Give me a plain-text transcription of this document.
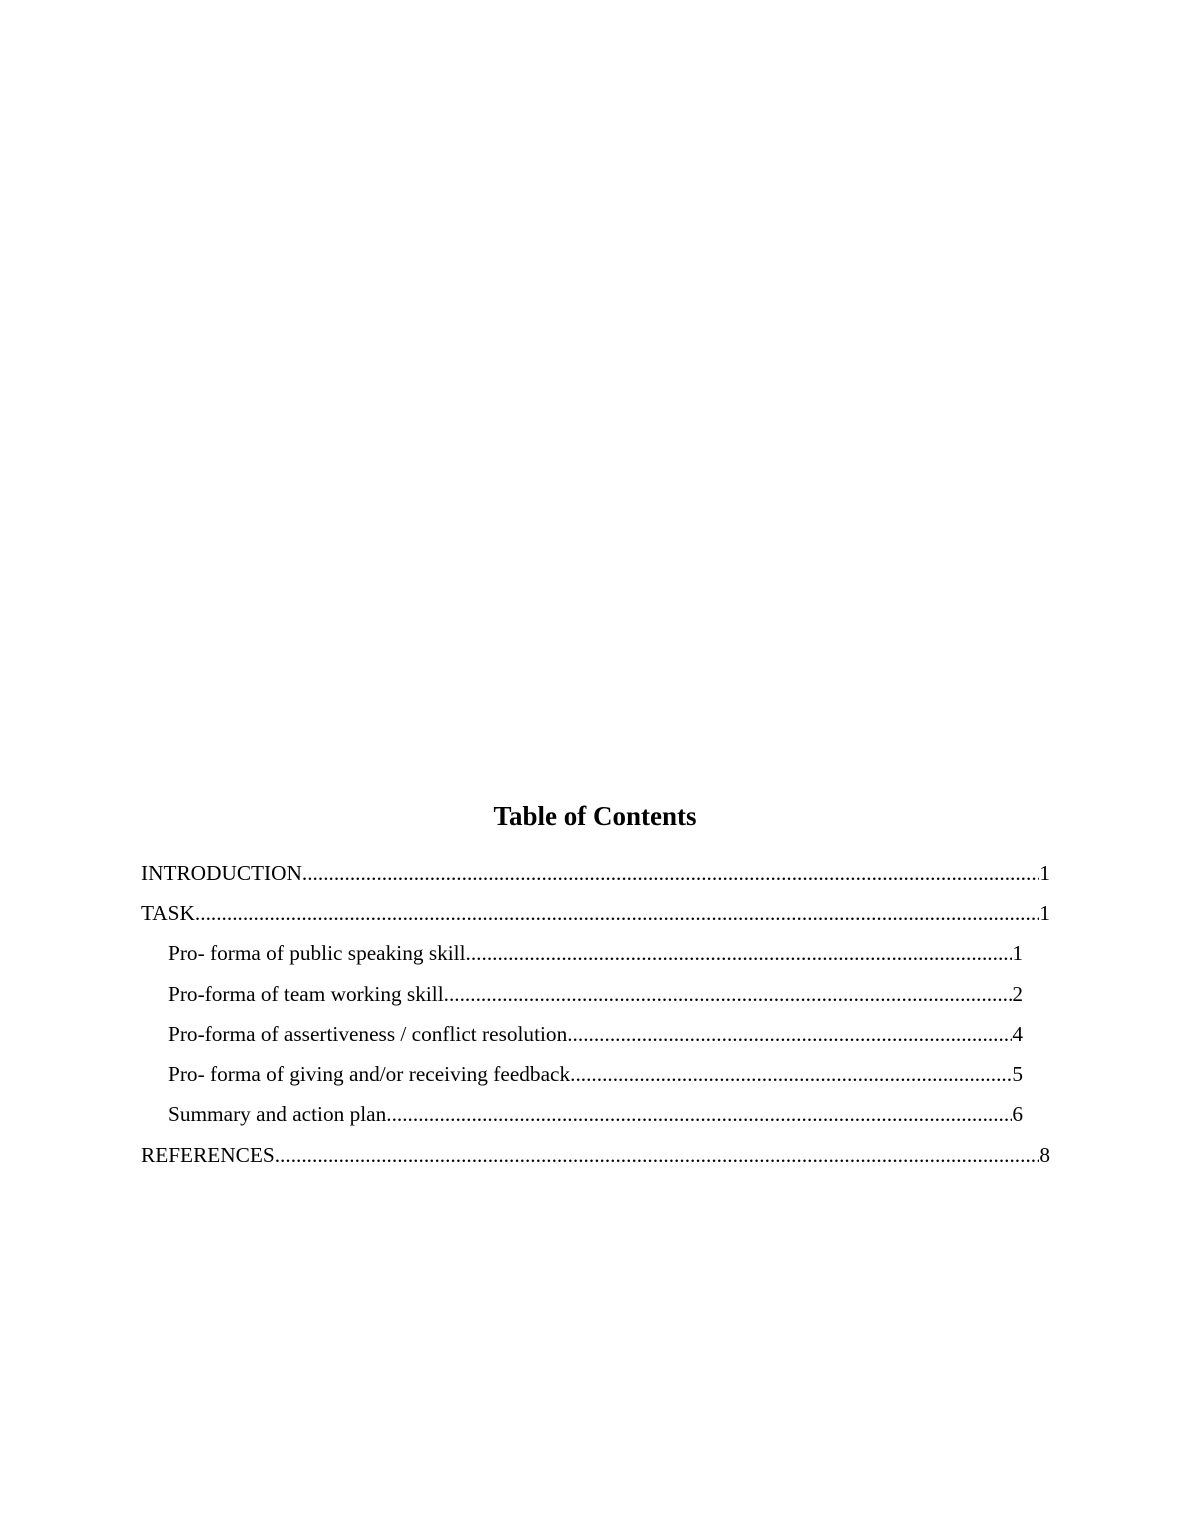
Table of Contents
INTRODUCTION .....	1
TASK .....	1
Pro- forma of public speaking skill .....	1
Pro-forma of team working skill .....	2
Pro-forma of assertiveness / conflict resolution .....	4
Pro- forma of giving and/or receiving feedback .....	5
Summary and action plan .....	6
REFERENCES .....	8
